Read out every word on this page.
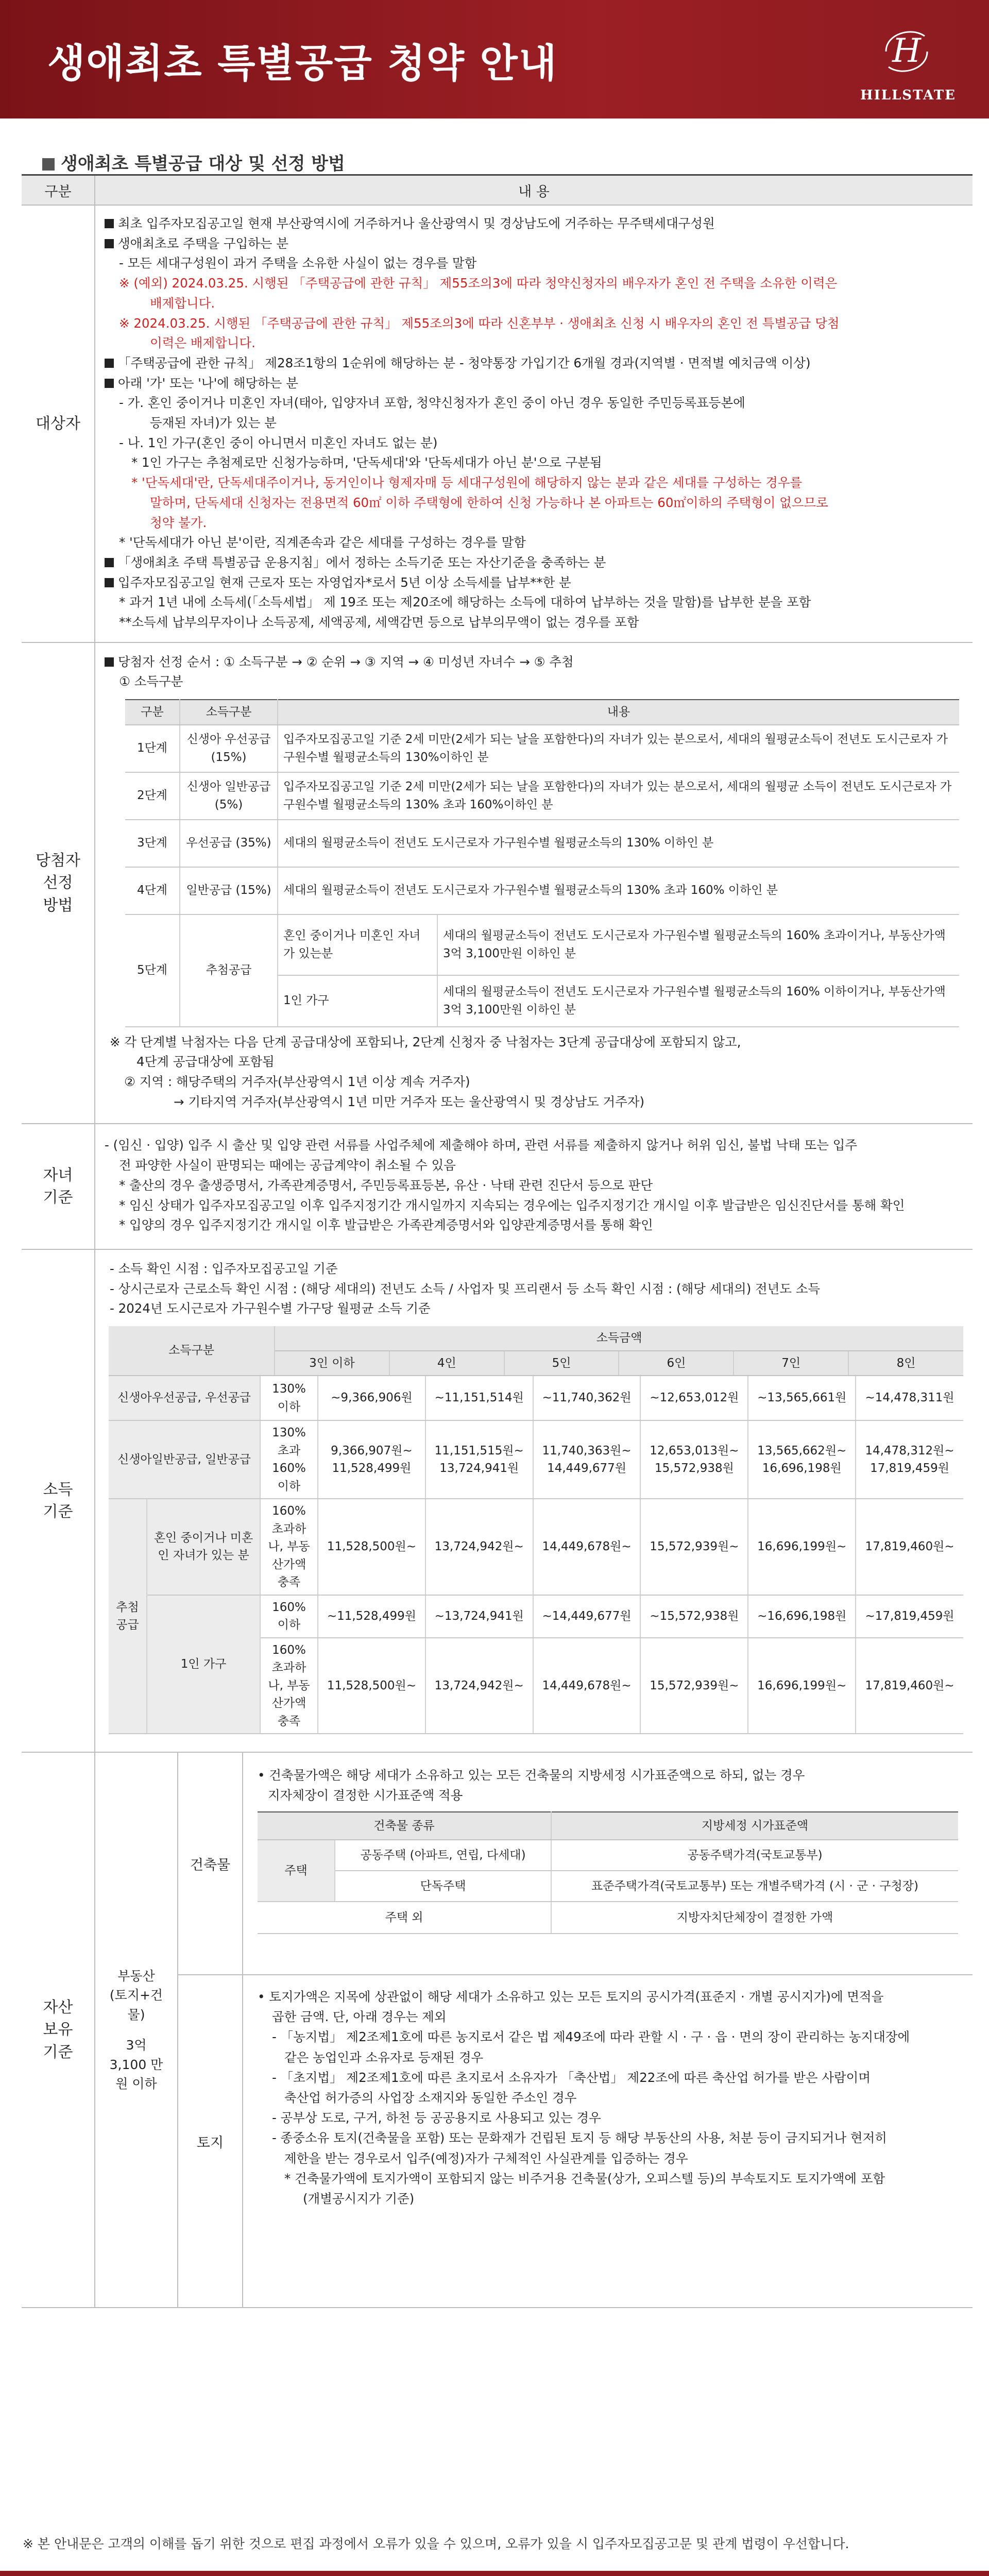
생애최초 특별공급 청약 안내	H
HILLSTATE
생애최초 특별공급 대상 및 선정 방법
구분	내 용
대상자	
최초 입주자모집공고일 현재 부산광역시에 거주하거나 울산광역시 및 경상남도에 거주하는 무주택세대구성원
생애최초로 주택을 구입하는 분
- 모든 세대구성원이 과거 주택을 소유한 사실이 없는 경우를 말함
※ (예외) 2024.03.25. 시행된 「주택공급에 관한 규칙」 제55조의3에 따라 청약신청자의 배우자가 혼인 전 주택을 소유한 이력은
배제합니다.
※ 2024.03.25. 시행된 「주택공급에 관한 규칙」 제55조의3에 따라 신혼부부 · 생애최초 신청 시 배우자의 혼인 전 특별공급 당첨
이력은 배제합니다.
「주택공급에 관한 규칙」 제28조1항의 1순위에 해당하는 분 - 청약통장 가입기간 6개월 경과(지역별 · 면적별 예치금액 이상)
아래 '가' 또는 '나'에 해당하는 분
- 가. 혼인 중이거나 미혼인 자녀(태아, 입양자녀 포함, 청약신청자가 혼인 중이 아닌 경우 동일한 주민등록표등본에
등재된 자녀)가 있는 분
- 나. 1인 가구(혼인 중이 아니면서 미혼인 자녀도 없는 분)
* 1인 가구는 추첨제로만 신청가능하며, '단독세대'와 '단독세대가 아닌 분'으로 구분됨
* '단독세대'란, 단독세대주이거나, 동거인이나 형제자매 등 세대구성원에 해당하지 않는 분과 같은 세대를 구성하는 경우를
말하며, 단독세대 신청자는 전용면적 60㎡ 이하 주택형에 한하여 신청 가능하나 본 아파트는 60㎡이하의 주택형이 없으므로
청약 불가.
* '단독세대가 아닌 분'이란, 직계존속과 같은 세대를 구성하는 경우를 말함
「생애최초 주택 특별공급 운용지침」에서 정하는 소득기준 또는 자산기준을 충족하는 분
입주자모집공고일 현재 근로자 또는 자영업자*로서 5년 이상 소득세를 납부**한 분
* 과거 1년 내에 소득세(「소득세법」 제 19조 또는 제20조에 해당하는 소득에 대하여 납부하는 것을 말함)를 납부한 분을 포함
**소득세 납부의무자이나 소득공제, 세액공제, 세액감면 등으로 납부의무액이 없는 경우를 포함

당첨자
선정
방법	
당첨자 선정 순서 : ① 소득구분 → ② 순위 → ③ 지역 → ④ 미성년 자녀수 → ⑤ 추첨
① 소득구분
구분	소득구분	내용
1단계	신생아 우선공급 (15%)	입주자모집공고일 기준 2세 미만(2세가 되는 날을 포함한다)의 자녀가 있는 분으로서, 세대의 월평균소득이 전년도 도시근로자 가구원수별 월평균소득의 130%이하인 분
2단계	신생아 일반공급 (5%)	입주자모집공고일 기준 2세 미만(2세가 되는 날을 포함한다)의 자녀가 있는 분으로서, 세대의 월평균 소득이 전년도 도시근로자 가구원수별 월평균소득의 130% 초과 160%이하인 분
3단계	우선공급 (35%)	세대의 월평균소득이 전년도 도시근로자 가구원수별 월평균소득의 130% 이하인 분
4단계	일반공급 (15%)	세대의 월평균소득이 전년도 도시근로자 가구원수별 월평균소득의 130% 초과 160% 이하인 분
5단계	추첨공급	혼인 중이거나 미혼인 자녀가 있는분	세대의 월평균소득이 전년도 도시근로자 가구원수별 월평균소득의 160% 초과이거나, 부동산가액 3억 3,100만원 이하인 분
1인 가구	세대의 월평균소득이 전년도 도시근로자 가구원수별 월평균소득의 160% 이하이거나, 부동산가액 3억 3,100만원 이하인 분
※ 각 단계별 낙첨자는 다음 단계 공급대상에 포함되나, 2단계 신청자 중 낙첨자는 3단계 공급대상에 포함되지 않고,
4단계 공급대상에 포함됨
② 지역 : 해당주택의 거주자(부산광역시 1년 이상 계속 거주자)
→ 기타지역 거주자(부산광역시 1년 미만 거주자 또는 울산광역시 및 경상남도 거주자)

자녀
기준	
- (임신 · 입양) 입주 시 출산 및 입양 관련 서류를 사업주체에 제출해야 하며, 관련 서류를 제출하지 않거나 허위 임신, 불법 낙태 또는 입주
전 파양한 사실이 판명되는 때에는 공급계약이 취소될 수 있음
* 출산의 경우 출생증명서, 가족관계증명서, 주민등록표등본, 유산 · 낙태 관련 진단서 등으로 판단
* 임신 상태가 입주자모집공고일 이후 입주지정기간 개시일까지 지속되는 경우에는 입주지정기간 개시일 이후 발급받은 임신진단서를 통해 확인
* 입양의 경우 입주지정기간 개시일 이후 발급받은 가족관계증명서와 입양관계증명서를 통해 확인

소득
기준	
- 소득 확인 시점 : 입주자모집공고일 기준
- 상시근로자 근로소득 확인 시점 : (해당 세대의) 전년도 소득 / 사업자 및 프리랜서 등 소득 확인 시점 : (해당 세대의) 전년도 소득
- 2024년 도시근로자 가구원수별 가구당 월평균 소득 기준
소득구분	소득금액
3인 이하	4인	5인	6인	7인	8인
신생아우선공급, 우선공급	130% 이하	~9,366,906원	~11,151,514원	~11,740,362원	~12,653,012원	~13,565,661원	~14,478,311원
신생아일반공급, 일반공급	130% 초과 160% 이하	9,366,907원~ 11,528,499원	11,151,515원~ 13,724,941원	11,740,363원~ 14,449,677원	12,653,013원~ 15,572,938원	13,565,662원~ 16,696,198원	14,478,312원~ 17,819,459원
추첨 공급	혼인 중이거나 미혼인 자녀가 있는 분	160% 초과하나, 부동산가액 충족	11,528,500원~	13,724,942원~	14,449,678원~	15,572,939원~	16,696,199원~	17,819,460원~
1인 가구	160% 이하	~11,528,499원	~13,724,941원	~14,449,677원	~15,572,938원	~16,696,198원	~17,819,459원
160% 초과하나, 부동산가액 충족	11,528,500원~	13,724,942원~	14,449,678원~	15,572,939원~	16,696,199원~	17,819,460원~

자산
보유
기준	
부동산 (토지+건물)
3억 3,100 만원 이하
	건축물	
• 건축물가액은 해당 세대가 소유하고 있는 모든 건축물의 지방세정 시가표준액으로 하되, 없는 경우
지자체장이 결정한 시가표준액 적용
건축물 종류	지방세정 시가표준액
주택	공동주택 (아파트, 연립, 다세대)	공동주택가격(국토교통부)
단독주택	표준주택가격(국토교통부) 또는 개별주택가격 (시 · 군 · 구청장)
주택 외	지방자치단체장이 결정한 가액

토지	
• 토지가액은 지목에 상관없이 해당 세대가 소유하고 있는 모든 토지의 공시가격(표준지 · 개별 공시지가)에 면적을
곱한 금액. 단, 아래 경우는 제외
- 「농지법」 제2조제1호에 따른 농지로서 같은 법 제49조에 따라 관할 시 · 구 · 읍 · 면의 장이 관리하는 농지대장에
같은 농업인과 소유자로 등재된 경우
- 「초지법」 제2조제1호에 따른 초지로서 소유자가 「축산법」 제22조에 따른 축산업 허가를 받은 사람이며
축산업 허가증의 사업장 소재지와 동일한 주소인 경우
- 공부상 도로, 구거, 하천 등 공공용지로 사용되고 있는 경우
- 종중소유 토지(건축물을 포함) 또는 문화재가 건립된 토지 등 해당 부동산의 사용, 처분 등이 금지되거나 현저히
제한을 받는 경우로서 입주(예정)자가 구체적인 사실관계를 입증하는 경우
* 건축물가액에 토지가액이 포함되지 않는 비주거용 건축물(상가, 오피스텔 등)의 부속토지도 토지가액에 포함
(개별공시지가 기준)
※ 본 안내문은 고객의 이해를 돕기 위한 것으로 편집 과정에서 오류가 있을 수 있으며, 오류가 있을 시 입주자모집공고문 및 관계 법령이 우선합니다.
